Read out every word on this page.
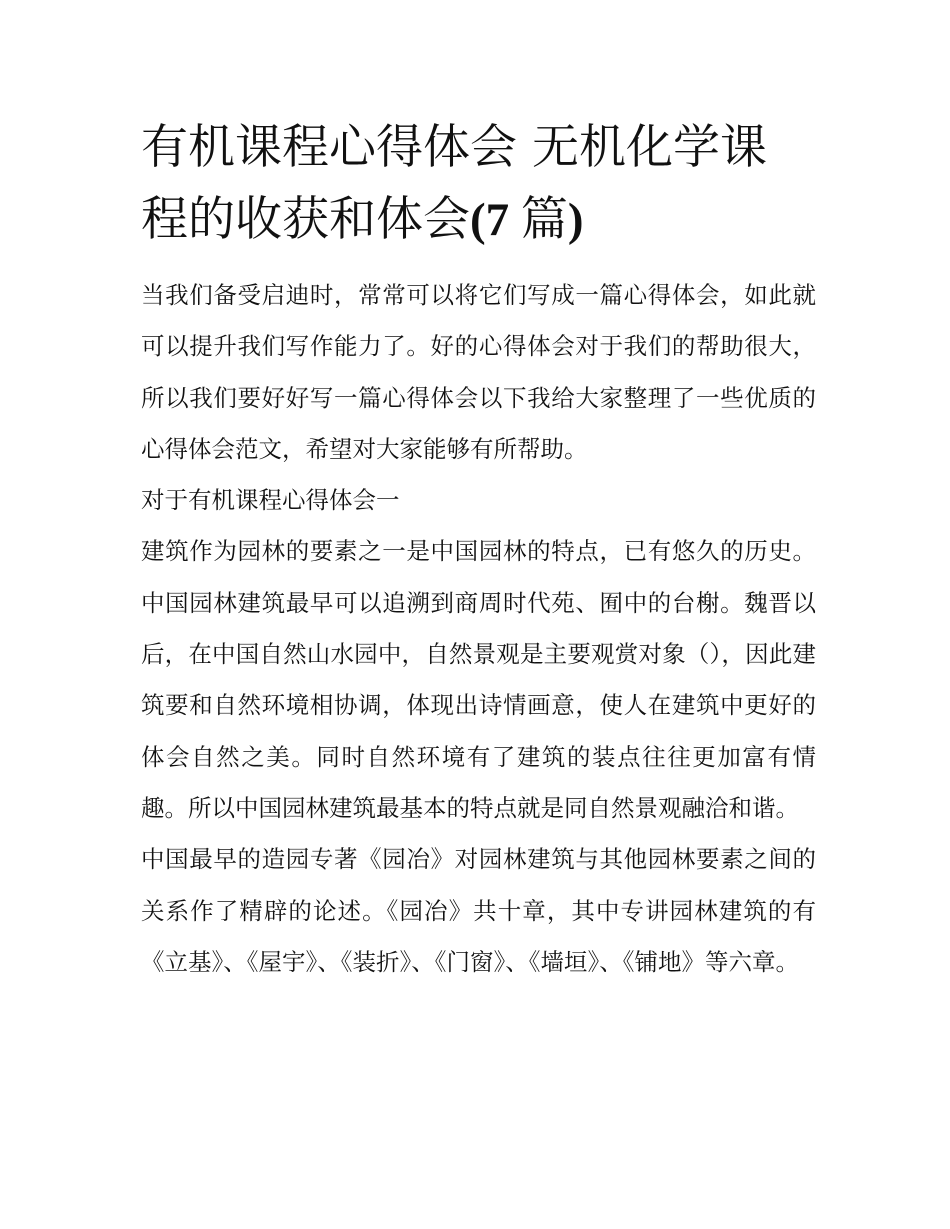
有机课程心得体会 无机化学课
程的收获和体会(7 篇)

当我们备受启迪时，常常可以将它们写成一篇心得体会，如此就可以提升我们写作能力了。好的心得体会对于我们的帮助很大，所以我们要好好写一篇心得体会以下我给大家整理了一些优质的心得体会范文，希望对大家能够有所帮助。

对于有机课程心得体会一

建筑作为园林的要素之一是中国园林的特点，已有悠久的历史。中国园林建筑最早可以追溯到商周时代苑、囿中的台榭。魏晋以后，在中国自然山水园中，自然景观是主要观赏对象（），因此建筑要和自然环境相协调，体现出诗情画意，使人在建筑中更好的体会自然之美。同时自然环境有了建筑的装点往往更加富有情趣。所以中国园林建筑最基本的特点就是同自然景观融洽和谐。

中国最早的造园专著《园冶》对园林建筑与其他园林要素之间的关系作了精辟的论述。《园冶》共十章，其中专讲园林建筑的有《立基》、《屋宇》、《装折》、《门窗》、《墙垣》、《铺地》等六章。
